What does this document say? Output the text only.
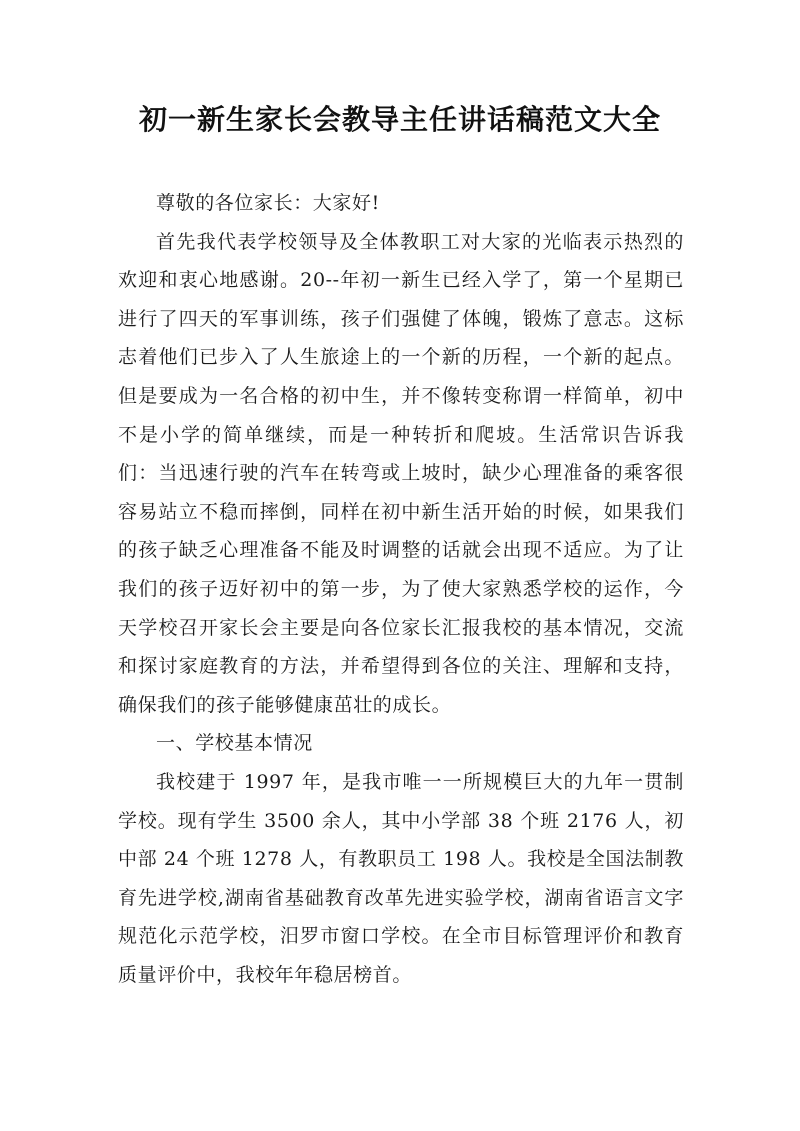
初一新生家长会教导主任讲话稿范文大全

尊敬的各位家长：大家好!

首先我代表学校领导及全体教职工对大家的光临表示热烈的欢迎和衷心地感谢。20--年初一新生已经入学了，第一个星期已进行了四天的军事训练，孩子们强健了体魄，锻炼了意志。这标志着他们已步入了人生旅途上的一个新的历程，一个新的起点。但是要成为一名合格的初中生，并不像转变称谓一样简单，初中不是小学的简单继续，而是一种转折和爬坡。生活常识告诉我们：当迅速行驶的汽车在转弯或上坡时，缺少心理准备的乘客很容易站立不稳而摔倒，同样在初中新生活开始的时候，如果我们的孩子缺乏心理准备不能及时调整的话就会出现不适应。为了让我们的孩子迈好初中的第一步，为了使大家熟悉学校的运作，今天学校召开家长会主要是向各位家长汇报我校的基本情况，交流和探讨家庭教育的方法，并希望得到各位的关注、理解和支持，确保我们的孩子能够健康茁壮的成长。

一、学校基本情况

我校建于 1997 年，是我市唯一一所规模巨大的九年一贯制学校。现有学生 3500 余人，其中小学部 38 个班 2176 人，初中部 24 个班 1278 人，有教职员工 198 人。我校是全国法制教育先进学校,湖南省基础教育改革先进实验学校，湖南省语言文字规范化示范学校，汨罗市窗口学校。在全市目标管理评价和教育质量评价中，我校年年稳居榜首。
